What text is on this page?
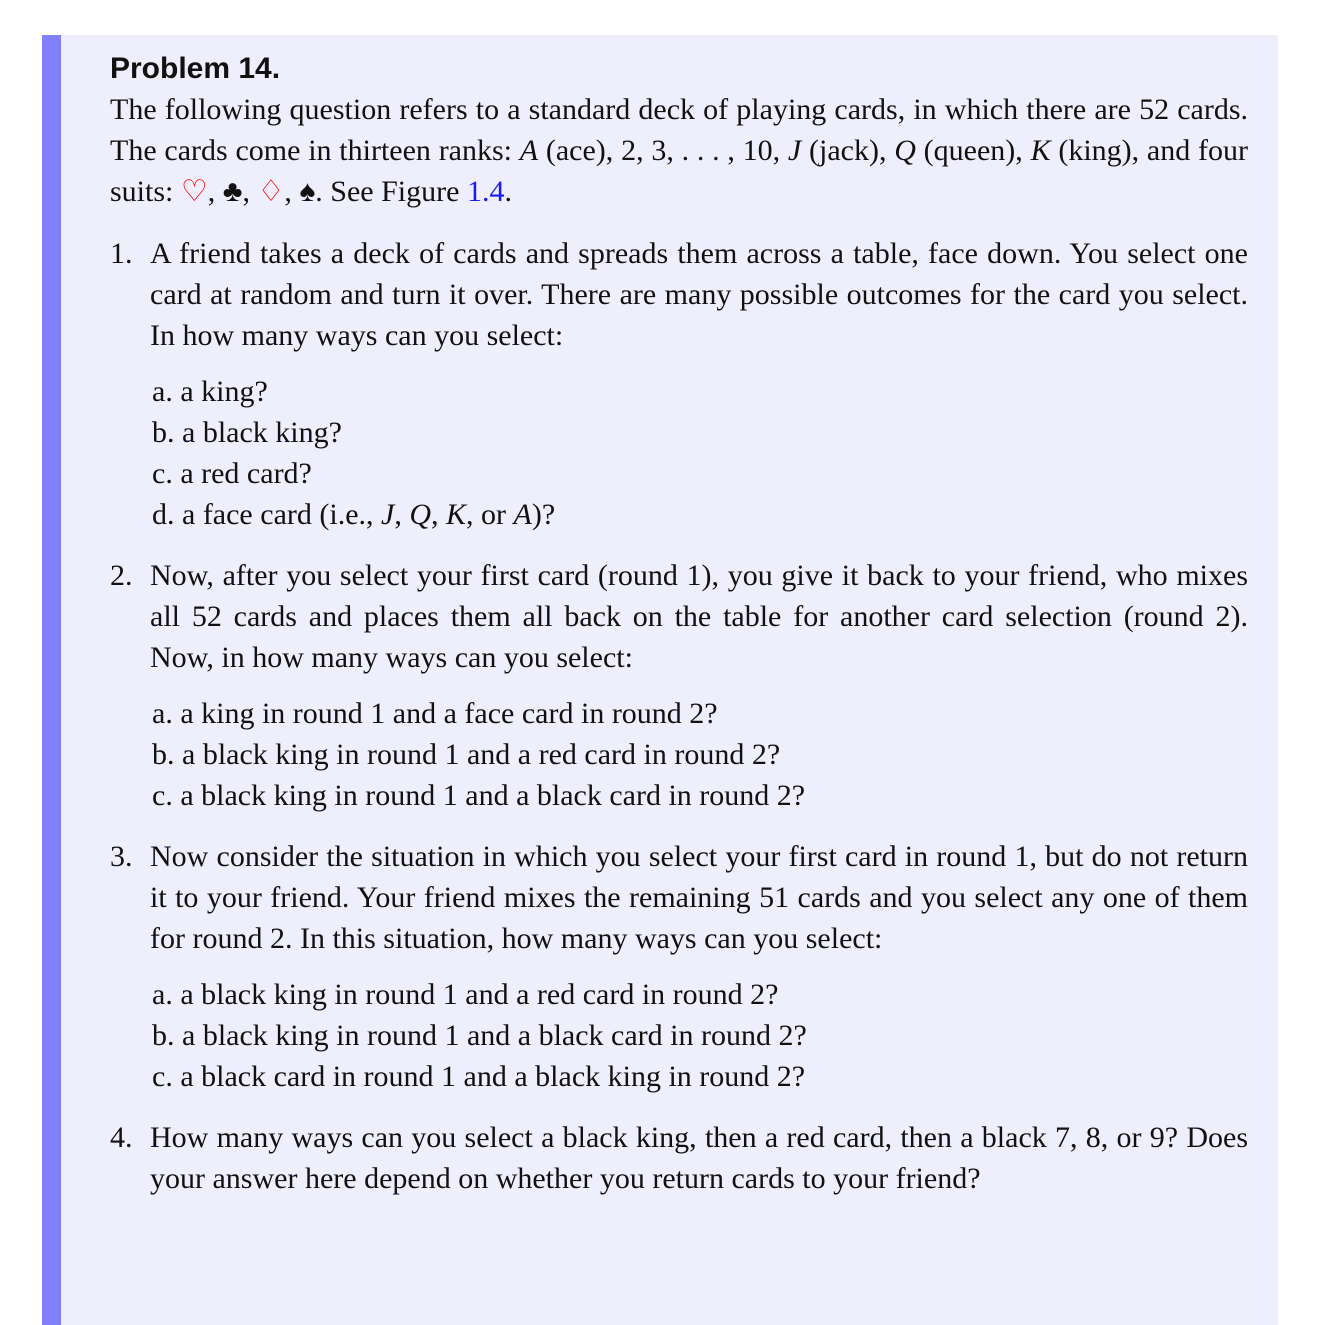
Problem 14.

The following question refers to a standard deck of playing cards, in which there are 52 cards. The cards come in thirteen ranks: A (ace), 2, 3, . . . , 10, J (jack), Q (queen), K (king), and four suits: ♡, ♣, ♢, ♠. See Figure 1.4.

1. A friend takes a deck of cards and spreads them across a table, face down. You select one card at random and turn it over. There are many possible outcomes for the card you select. In how many ways can you select:
a. a king?
b. a black king?
c. a red card?
d. a face card (i.e., J, Q, K, or A)?
2. Now, after you select your first card (round 1), you give it back to your friend, who mixes all 52 cards and places them all back on the table for another card selection (round 2). Now, in how many ways can you select:
a. a king in round 1 and a face card in round 2?
b. a black king in round 1 and a red card in round 2?
c. a black king in round 1 and a black card in round 2?
3. Now consider the situation in which you select your first card in round 1, but do not return it to your friend. Your friend mixes the remaining 51 cards and you select any one of them for round 2. In this situation, how many ways can you select:
a. a black king in round 1 and a red card in round 2?
b. a black king in round 1 and a black card in round 2?
c. a black card in round 1 and a black king in round 2?
4. How many ways can you select a black king, then a red card, then a black 7, 8, or 9? Does your answer here depend on whether you return cards to your friend?
